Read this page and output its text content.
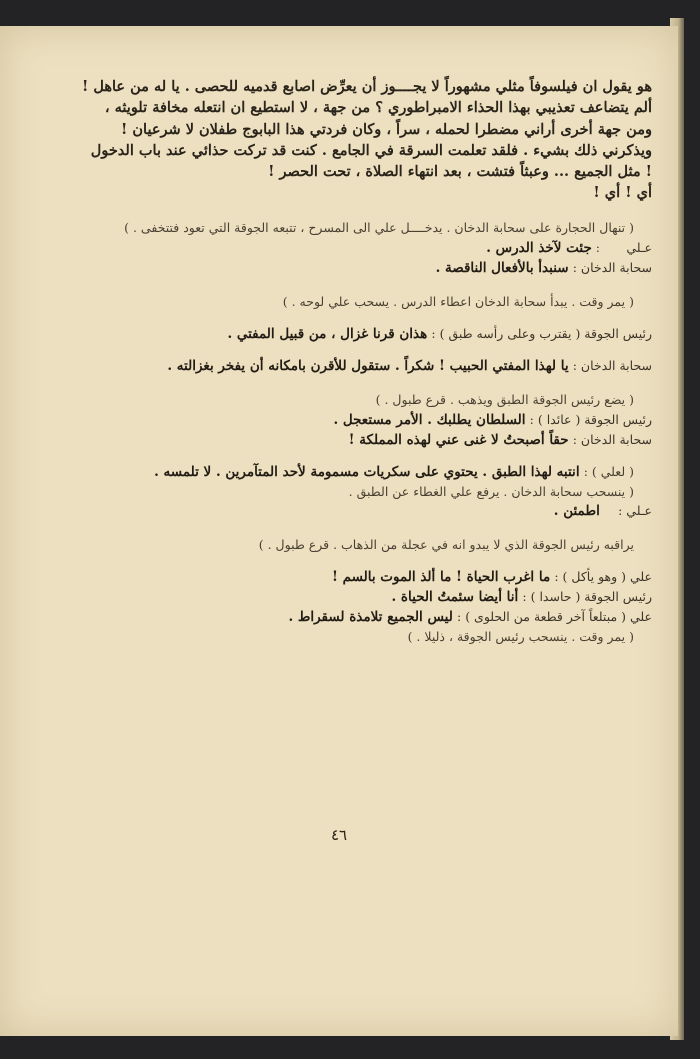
هو يقول ان فيلسوفاً مثلي مشهوراً لا يجــــوز أن يعرِّض اصابع قدميه للحصى . يا له من عاهل ! ألم يتضاعف تعذيبي بهذا الحذاء الامبراطوري ؟ من جهة ، لا استطيع ان انتعله مخافة تلويثه ، ومن جهة أخرى أراني مضطرا لحمله ، سراً ، وكان فردتي هذا البابوج طفلان لا شرعيان ! ويذكرني ذلك بشيء . فلقد تعلمت السرقة في الجامع . كنت قد تركت حذائي عند باب الدخول ! مثل الجميع ... وعبثاً فتشت ، بعد انتهاء الصلاة ، تحت الحصر !

أي ! أي !

( تنهال الحجارة على سحابة الدخان . يدخــــل علي الى المسرح ، تتبعه الجوقة التي تعود فتتخفى . )

عـلي : جئت لآخذ الدرس .

سحابة الدخان : سنبدأ بالأفعال الناقصة .

( يمر وقت . يبدأ سحابة الدخان اعطاء الدرس . يسحب علي لوحه . )

رئيس الجوقة ( يقترب وعلى رأسه طبق ) : هذان قرنا غزال ، من قبيل المفتي .

سحابة الدخان : يا لهذا المفتي الحبيب ! شكراً . ستقول للأقرن بامكانه أن يفخر بغزالته .

( يضع رئيس الجوقة الطبق ويذهب . قرع طبول . )

رئيس الجوقة ( عائدا ) : السلطان يطلبك . الأمر مستعجل .

سحابة الدخان : حقاً أصبحتُ لا غنى عني لهذه المملكة !

( لعلي ) : انتبه لهذا الطبق . يحتوي على سكريات مسمومة لأحد المتآمرين . لا تلمسه .

( ينسحب سحابة الدخان . يرفع علي الغطاء عن الطبق .

عـلي : اطمئن .

يراقبه رئيس الجوقة الذي لا يبدو انه في عجلة من الذهاب . قرع طبول . )

علي ( وهو يأكل ) : ما اغرب الحياة ! ما ألذ الموت بالسم !

رئيس الجوقة ( حاسدا ) : أنا أيضا سئمتُ الحياة .

علي ( مبتلعاً آخر قطعة من الحلوى ) : ليس الجميع تلامذة لسقراط .

( يمر وقت . ينسحب رئيس الجوقة ، ذليلا . )

٤٦
